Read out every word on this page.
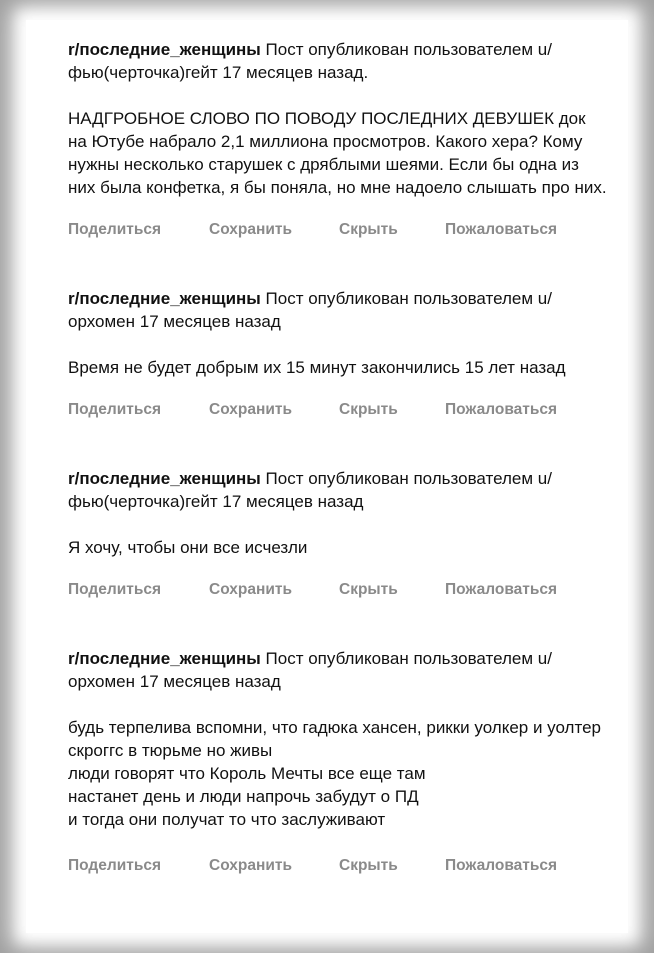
r/последние_женщины Пост опубликован пользователем u/фью(черточка)гейт 17 месяцев назад.

НАДГРОБНОЕ СЛОВО ПО ПОВОДУ ПОСЛЕДНИХ ДЕВУШЕК док на Ютубе набрало 2,1 миллиона просмотров. Какого хера? Кому нужны несколько старушек с дряблыми шеями. Если бы одна из них была конфетка, я бы поняла, но мне надоело слышать про них.

Поделиться	Сохранить	Скрыть	Пожаловаться

r/последние_женщины Пост опубликован пользователем u/орхомен 17 месяцев назад

Время не будет добрым их 15 минут закончились 15 лет назад

Поделиться	Сохранить	Скрыть	Пожаловаться

r/последние_женщины Пост опубликован пользователем u/фью(черточка)гейт 17 месяцев назад

Я хочу, чтобы они все исчезли

Поделиться	Сохранить	Скрыть	Пожаловаться

r/последние_женщины Пост опубликован пользователем u/орхомен 17 месяцев назад

будь терпелива вспомни, что гадюка хансен, рикки уолкер и уолтер скроггс в тюрьме но живы
люди говорят что Король Мечты все еще там
настанет день и люди напрочь забудут о ПД
и тогда они получат то что заслуживают

Поделиться	Сохранить	Скрыть	Пожаловаться
